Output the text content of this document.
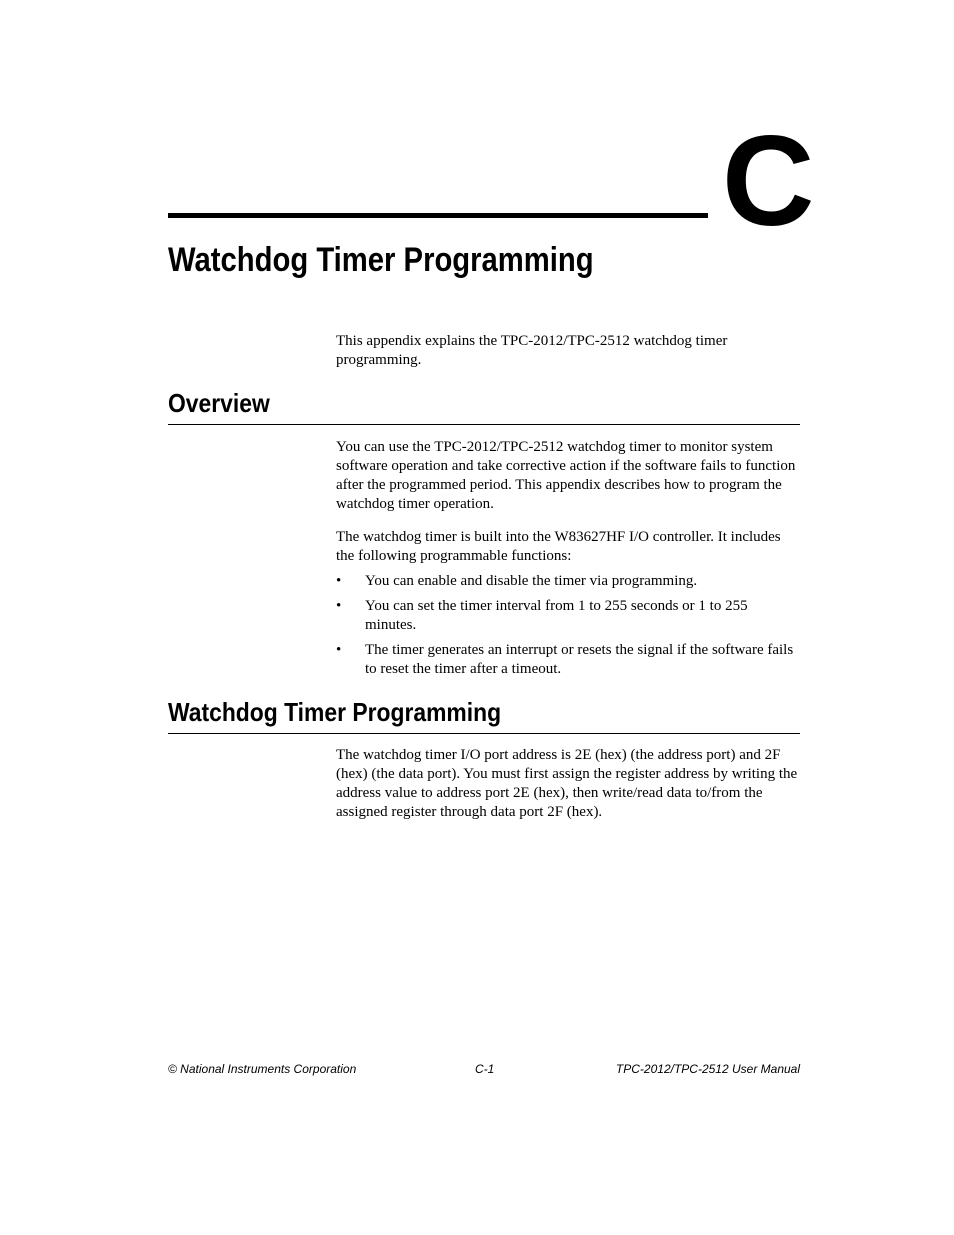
C
Watchdog Timer Programming

This appendix explains the TPC-2012/TPC-2512 watchdog timer programming.

Overview

You can use the TPC-2012/TPC-2512 watchdog timer to monitor system software operation and take corrective action if the software fails to function after the programmed period. This appendix describes how to program the watchdog timer operation.

The watchdog timer is built into the W83627HF I/O controller. It includes the following programmable functions:

• You can enable and disable the timer via programming.
• You can set the timer interval from 1 to 255 seconds or 1 to 255 minutes.
• The timer generates an interrupt or resets the signal if the software fails to reset the timer after a timeout.
Watchdog Timer Programming

The watchdog timer I/O port address is 2E (hex) (the address port) and 2F (hex) (the data port). You must first assign the register address by writing the address value to address port 2E (hex), then write/read data to/from the assigned register through data port 2F (hex).

© National Instruments Corporation	C-1	TPC-2012/TPC-2512 User Manual
